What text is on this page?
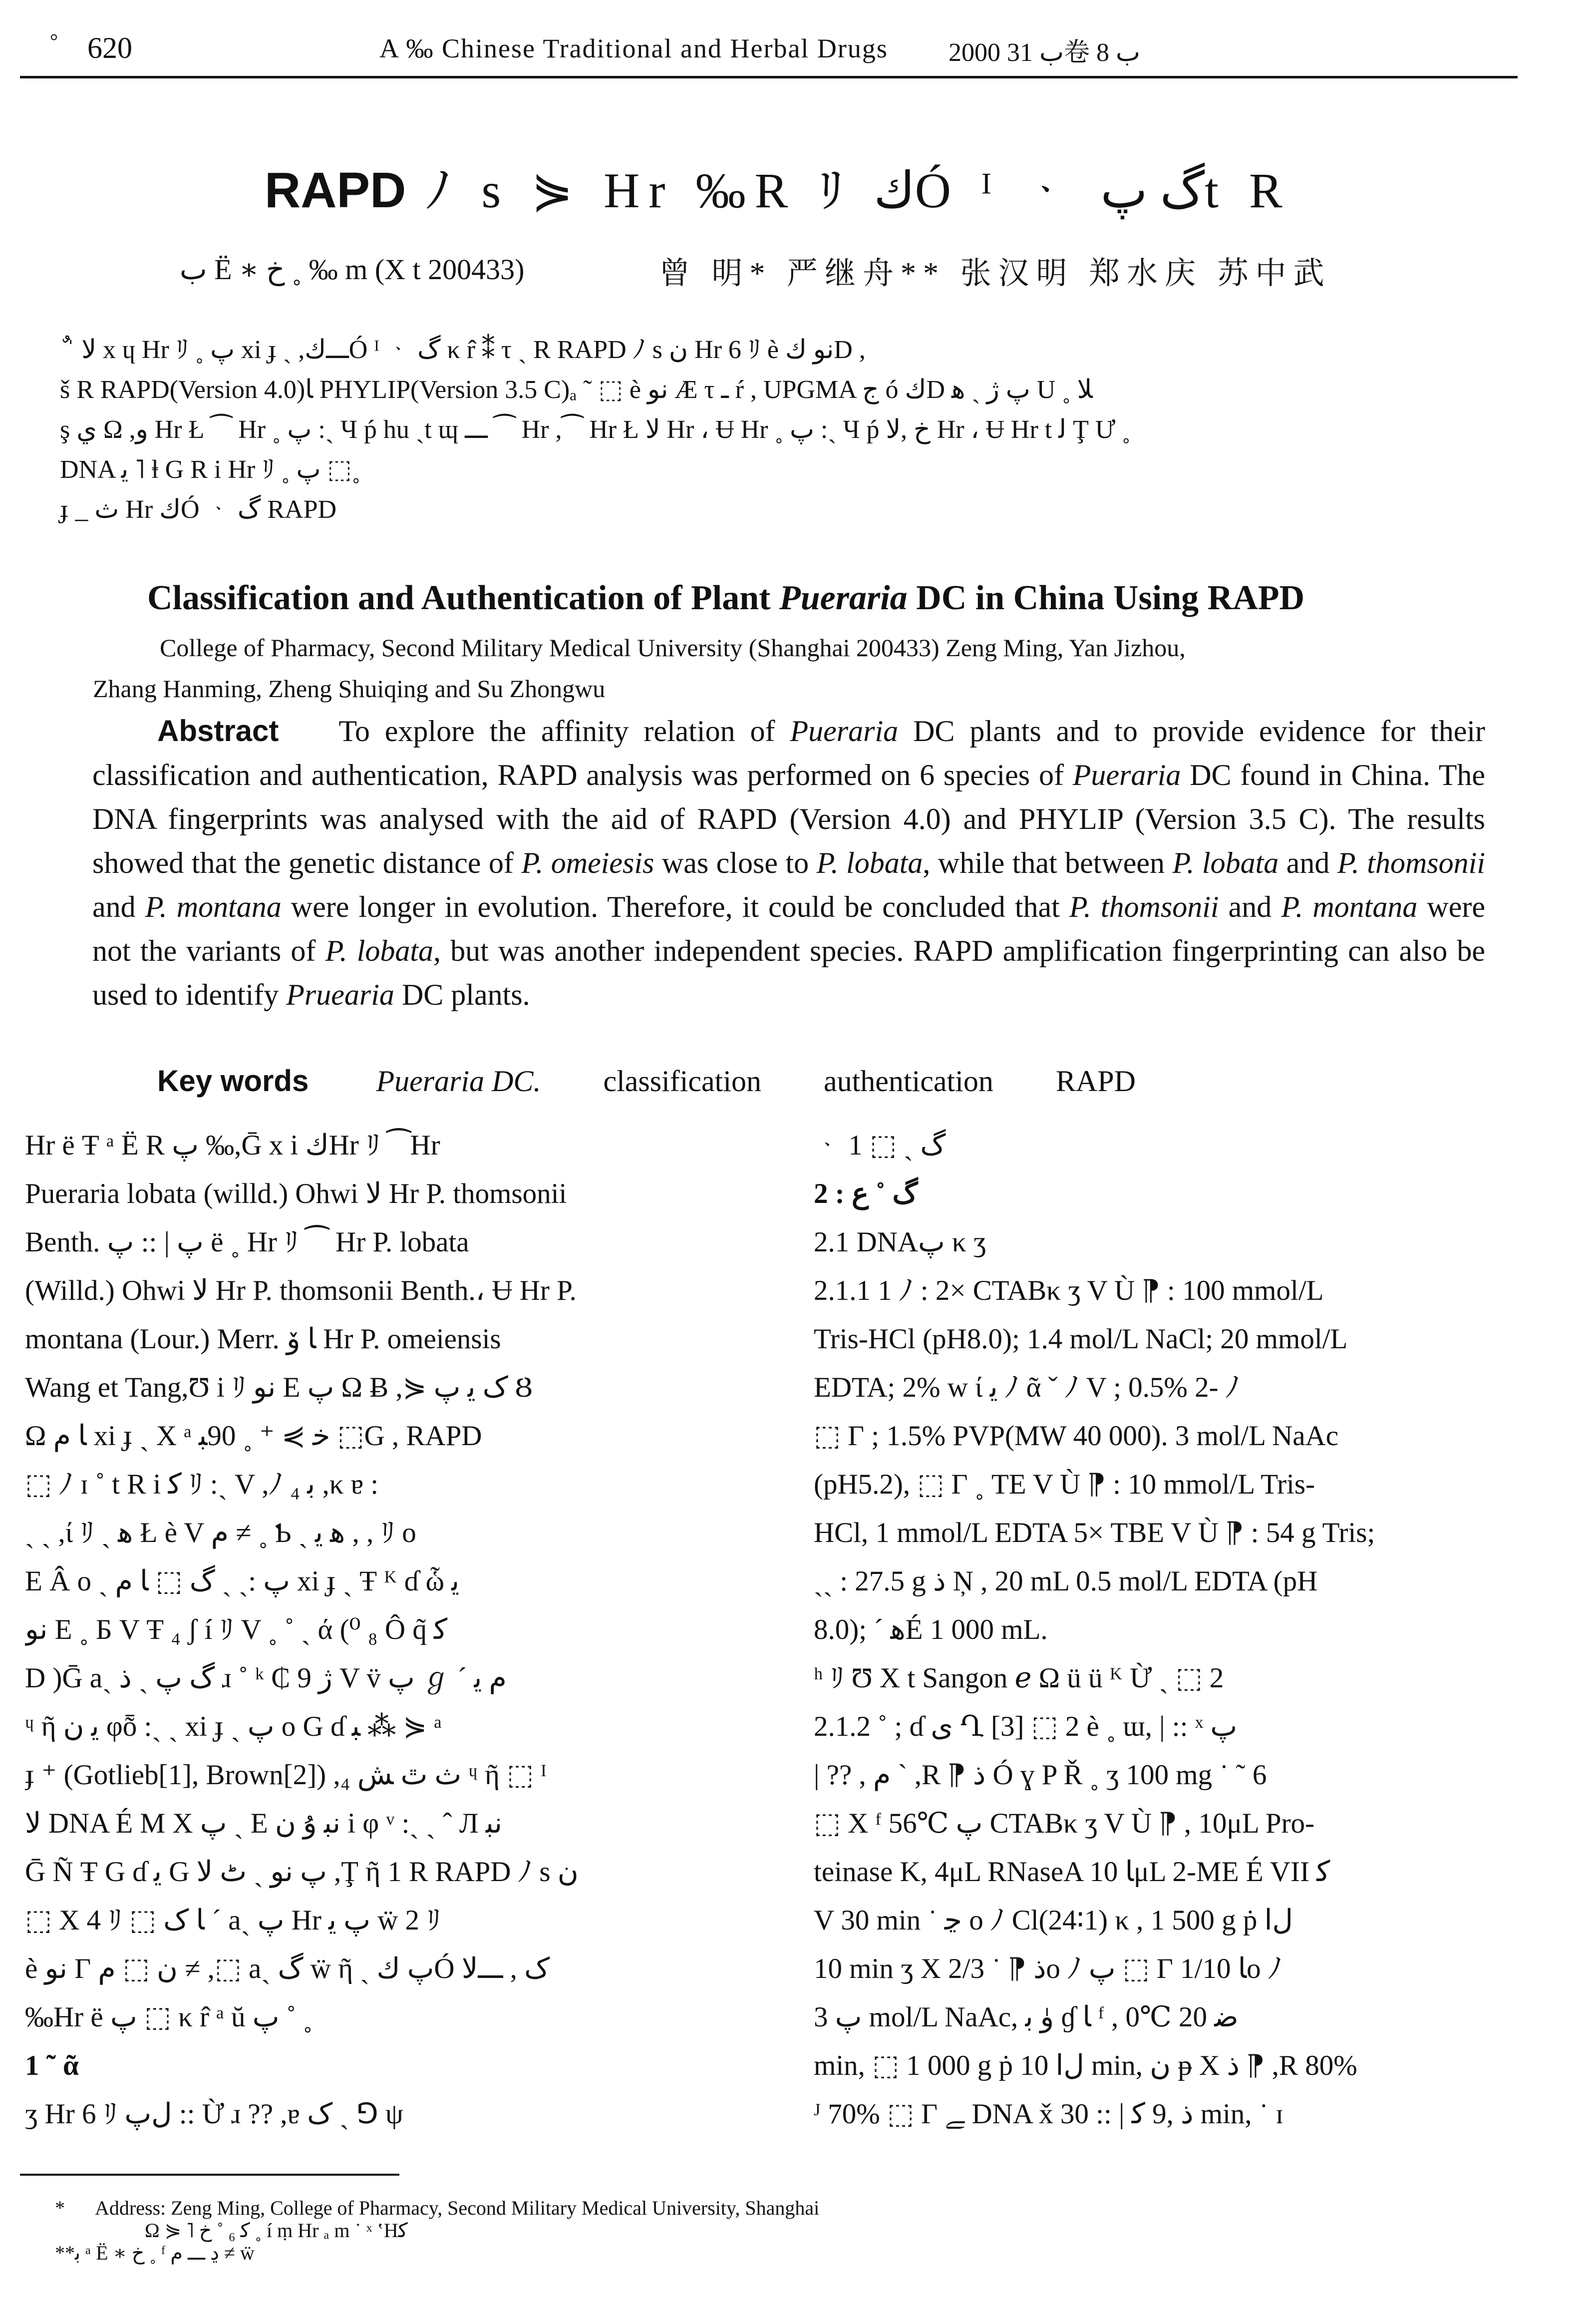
° 620	A ‰ Chinese Traditional and Herbal Drugs 2000 ب 31卷 ب 8
RAPD ﾉ s ⋟ Hr ‰R ﾘ ﻙÓ ᴵ ᆞ ﮒ ﭖt R
ب Ë ∗ خ ˳ ‰ m (X t 200433)	曾 明* 严继舟** 张汉明 郑水庆 苏中武
ٌ ˈ ﻻ x ɥ Hr ﾘ ˳ ﭖ xi ɟ ˏ ,ـــﻙÓ ᴵ ᆞ ﮒ κ r̂ ⁑ τ ˏ R RAPD ﾉ s ن Hr 6 ﾘ è ﻧﻮ ﻙD ,
š R RAPD(Version 4.0)ﺎ PHYLIP(Version 3.5 C)ₐ ˜ ⬚ è ﻧﻮ Æ τ ـ ŕ , UPGMA ج ó ﻙD ﭖ ژ ˏ ﻫ U ˳ ﻼ
ş ﻱ Ω ,ﻭ Hr Ł ⁀ Hr ˳ ﭖ :ˏ Ч ṕ hu ˏt ɰ ـــ ⁀ Hr ,⁀ Hr Ł ﻻ Hr ، Ʉ Hr ˳ ﭖ :ˏ Ч ṕ خ ,ﻻ Hr ، Ʉ Hr t ﻟ Ţ Ư ˳
DNA ﻳ ˥ ⱡ G R i Hr ﾘ ˳ ﭖ ⬚˳
ɟ _ ﺙ Hr ﻙÓ ᆞ ﮒ RAPD
Classification and Authentication of Plant Pueraria DC in China Using RAPD
College of Pharmacy, Second Military Medical University (Shanghai 200433) Zeng Ming, Yan Jizhou,
Zhang Hanming, Zheng Shuiqing and Su Zhongwu
Abstract To explore the affinity relation of Pueraria DC plants and to provide evidence for their classification and authentication, RAPD analysis was performed on 6 species of Pueraria DC found in China. The DNA fingerprints was analysed with the aid of RAPD (Version 4.0) and PHYLIP (Version 3.5 C). The results showed that the genetic distance of P. omeiesis was close to P. lobata, while that between P. lobata and P. thomsonii and P. montana were longer in evolution. Therefore, it could be concluded that P. thomsonii and P. montana were not the variants of P. lobata, but was another independent species. RAPD amplification fingerprinting can also be used to identify Pruearia DC plants.
Key words Pueraria DC. classification authentication RAPD
Hr ë Ŧ ᵃ Ë R ﭖ ‰,Ḡ x i ﻙHr ﾘ ⁀Hr
Pueraria lobata (willd.) Ohwi ﻻ Hr P. thomsonii
Benth. ﭖ | :: ﭖ ë ˳ Hr ﾘ ⁀ Hr P. lobata
(Willd.) Ohwi ﻻ Hr P. thomsonii Benth.، Ʉ Hr P.
montana (Lour.) Merr. ﺎ ﯙ Hr P. omeiensis
Wang et Tang,Ʊ i ﾘ ﻧﻮ E ﭖ Ω Ƀ ,⋟ ﮎ ﯾ ﭖ Ȣ
Ω ﺎ ﻡ xi ɟ ˏ X ᵃ ﺧ ⋟ ⁺ ˳ 90ﺒ ⬚G , RAPD
⬚ ﾉ ɪ ˚ t R i ﮐ ﾘ :ˏ V ,ﾉ ₄ ﺑ ,κ ɐ :
ˏ ˏ ,ί ﾘ ˏ ﻫ Ł è V ﻡ ≠ ˳ Ƅ ˏ ﻫ ﯾ , , ﾘ o
E Â o ˏ ﭖ :ˏ ˏ ﮒ ⬚ ﺎ ﻡ xi ɟ ˏ Ŧ ᴷ ɗ ὧ ﯾ
ﻧﻮ E ˳ Б V Ŧ ₄ ʃ í ﾘ V ˳ ˚ ˏ ά (⁰ ₈ Ô q̃ ﮐ
D )Ḡ aˏ ﮒ ﭖ ˏ ﺫ ɹ ˚ ᵏ ₵ 9 ژ V v̈ ﭖ ℊ ˊ ﻡ ﯾ
ᶣ ῆ ﯾ ن φȭ :ˏ ˏ xi ɟ ˏ ﭖ o G ɗ ﺒ ⁂ ⋟ ᵃ
ɟ ⁺ (Gotlieb[1], Brown[2]) ,₄ ﺙ ٿ ﺶ ᶣ ῆ ⬚ ᴵ
ﻻ DNA É M X ﭖ ˏ E ﻧﺒ ﯗ ن i φ ᵛ :ˏ ˏ ˆ Л ﻧﺒ
Ḡ Ñ Ŧ G ɗ ﯾ G ﭖ ﻧﻮ ˏ ٹ ﻻ ,Ţ ῆ 1 R RAPD ﾉ s ن
⬚ X 4 ﾘ ⬚ ﺎ ﮎ ˊ aˏ ﭖ Hr ﭖ ﯾ ẅ 2 ﾘ
è ﻧﻮ Γ ن ⬚ ﻡ ≠ ,⬚ aˏ ﮒ ẅ ῆ ˏ ﭖ ﻙÓ ﮎ , ـــﻻ
‰Hr ë ﭖ ⬚ κ r̂ ᵃ ŭ ﭖ ˚ ˳
1 ˜ ᾶ
ʒ Hr 6 ﾘ ﻝﭖ :: Ừ ɹ ?? ,ɐ ﮎ ˏ ⅁ ψ
ᆞ ﮒ ˏ ⬚ 1
2 : ﮒ ˚ ﻉ
2.1 DNAﭖ κ ʒ
2.1.1 1 ﾉ : 2× CTABκ ʒ V Ù ⁋ : 100 mmol/L
Tris-HCl (pH8.0); 1.4 mol/L NaCl; 20 mmol/L
EDTA; 2% w ί ﯾ ﾉ ᾶ ˇ ﾉ V ; 0.5% 2- ﾉ
⬚ Γ ; 1.5% PVP(MW 40 000). 3 mol/L NaAc
(pH5.2), ⬚ Γ ˳ TE V Ù ⁋ : 10 mmol/L Tris-
HCl, 1 mmol/L EDTA 5× TBE V Ù ⁋ : 54 g Tris;
ˏˏ : 27.5 g ﺫ Ņ , 20 mL 0.5 mol/L EDTA (pH
8.0); ˊ ﻫÉ 1 000 mL.
ʰ ﾘ Ʊ X t Sangon ℯ Ω ü ü ᴷ Ừ ˏ ⬚ 2
2.1.2 ˚ ; ɗ ﯼ Ղ [3] ⬚ 2 è ˳ ɯ, | :: ˣ ﭖ
| ?? , ﻡ ˋ ,R ⁋ ﺫ Ó ɣ P Ř ˳ ʒ 100 mg ˙ ˜ 6
⬚ X ᶠ 56℃ ﭖ CTABκ ʒ V Ù ⁋ , 10μL Pro-
teinase K, 4μL RNaseA ﺎ 10μL 2-ME É VII ﮐ
V 30 min ˙ ﭸ o ﾉ Cl(24∶1) κ , 1 500 g ṗ ﻝﺍ
10 min ʒ X ﺫ ⁋ ˙ 2/3o ﾉ ﭖ ⬚ Γ ﺎ 1/10o ﾉ
ﭖ 3 mol/L NaAc, ﯛ ﺑ ɠ ﺎ ᶠ , 0℃ ﺿ 20
min, ⬚ 1 000 g ṗ ﻝﺍ 10 min, ن ᵽ X ﺫ ⁋ ,R 80%
ᴶ 70% ⬚ Γ ﮯ DNA x̌ ﺫ ,9 ﮐ | :: 30 min, ˙ ɪ
* Address: Zeng Ming, College of Pharmacy, Second Military Medical University, Shanghai
Ω ⋟ ˥ ﮐ ₆ ˚ خ ˳ í ṃ Hr ₐ m ˙ ˣ ʽHﮐ
**ﺑ ᵃ Ë ∗ خ ˳ ᶠ ﮂ ـــ ﻡ ≠ ẅ
